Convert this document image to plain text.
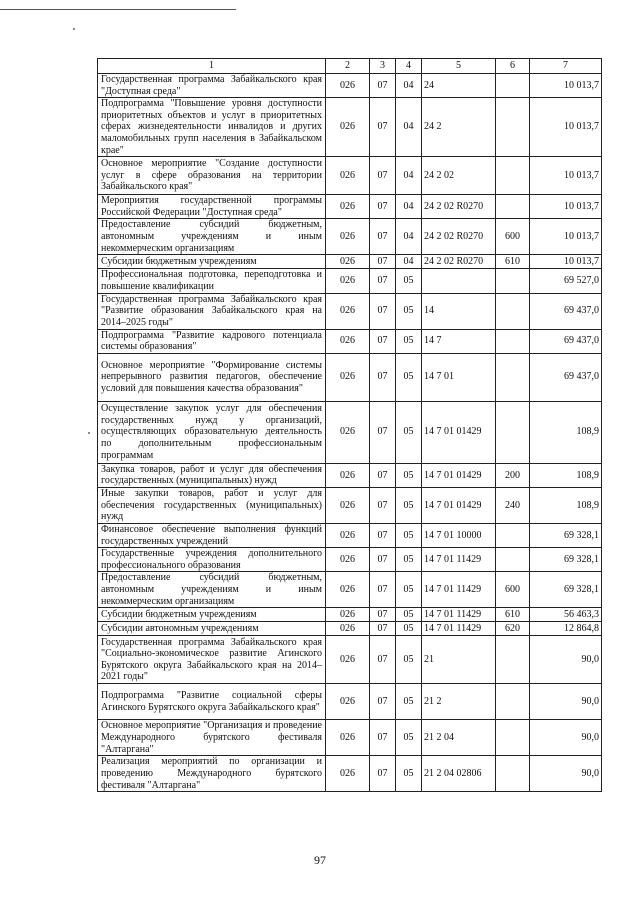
1	2	3	4	5	6	7
Государственная программа Забайкальского края "Доступная среда"	026	07	04	24		10 013,7
Подпрограмма "Повышение уровня доступности приоритетных объектов и услуг в приоритетных сферах жизнедеятельности инвалидов и других маломобильных групп населения в Забайкальском крае"	026	07	04	24 2		10 013,7
Основное мероприятие "Создание доступности услуг в сфере образования на территории Забайкальского края"	026	07	04	24 2 02		10 013,7
Мероприятия государственной программы Российской Федерации "Доступная среда"	026	07	04	24 2 02 R0270		10 013,7
Предоставление субсидий бюджетным, автономным учреждениям и иным некоммерческим организациям	026	07	04	24 2 02 R0270	600	10 013,7
Субсидии бюджетным учреждениям	026	07	04	24 2 02 R0270	610	10 013,7
Профессиональная подготовка, переподготовка и повышение квалификации	026	07	05			69 527,0
Государственная программа Забайкальского края "Развитие образования Забайкальского края на 2014–2025 годы"	026	07	05	14		69 437,0
Подпрограмма "Развитие кадрового потенциала системы образования"	026	07	05	14 7		69 437,0
Основное мероприятие "Формирование системы непрерывного развития педагогов, обеспечение условий для повышения качества образования"	026	07	05	14 7 01		69 437,0
Осуществление закупок услуг для обеспечения государственных нужд у организаций, осуществляющих образовательную деятельность по дополнительным профессиональным программам	026	07	05	14 7 01 01429		108,9
Закупка товаров, работ и услуг для обеспечения государственных (муниципальных) нужд	026	07	05	14 7 01 01429	200	108,9
Иные закупки товаров, работ и услуг для обеспечения государственных (муниципальных) нужд	026	07	05	14 7 01 01429	240	108,9
Финансовое обеспечение выполнения функций государственных учреждений	026	07	05	14 7 01 10000		69 328,1
Государственные учреждения дополнительного профессионального образования	026	07	05	14 7 01 11429		69 328,1
Предоставление субсидий бюджетным, автономным учреждениям и иным некоммерческим организациям	026	07	05	14 7 01 11429	600	69 328,1
Субсидии бюджетным учреждениям	026	07	05	14 7 01 11429	610	56 463,3
Субсидии автономным учреждениям	026	07	05	14 7 01 11429	620	12 864,8
Государственная программа Забайкальского края "Социально-экономическое развитие Агинского Бурятского округа Забайкальского края на 2014–2021 годы"	026	07	05	21		90,0
Подпрограмма "Развитие социальной сферы Агинского Бурятского округа Забайкальского края"	026	07	05	21 2		90,0
Основное мероприятие "Организация и проведение Международного бурятского фестиваля "Алтаргана"	026	07	05	21 2 04		90,0
Реализация мероприятий по организации и проведению Международного бурятского фестиваля "Алтаргана"	026	07	05	21 2 04 02806		90,0
97
